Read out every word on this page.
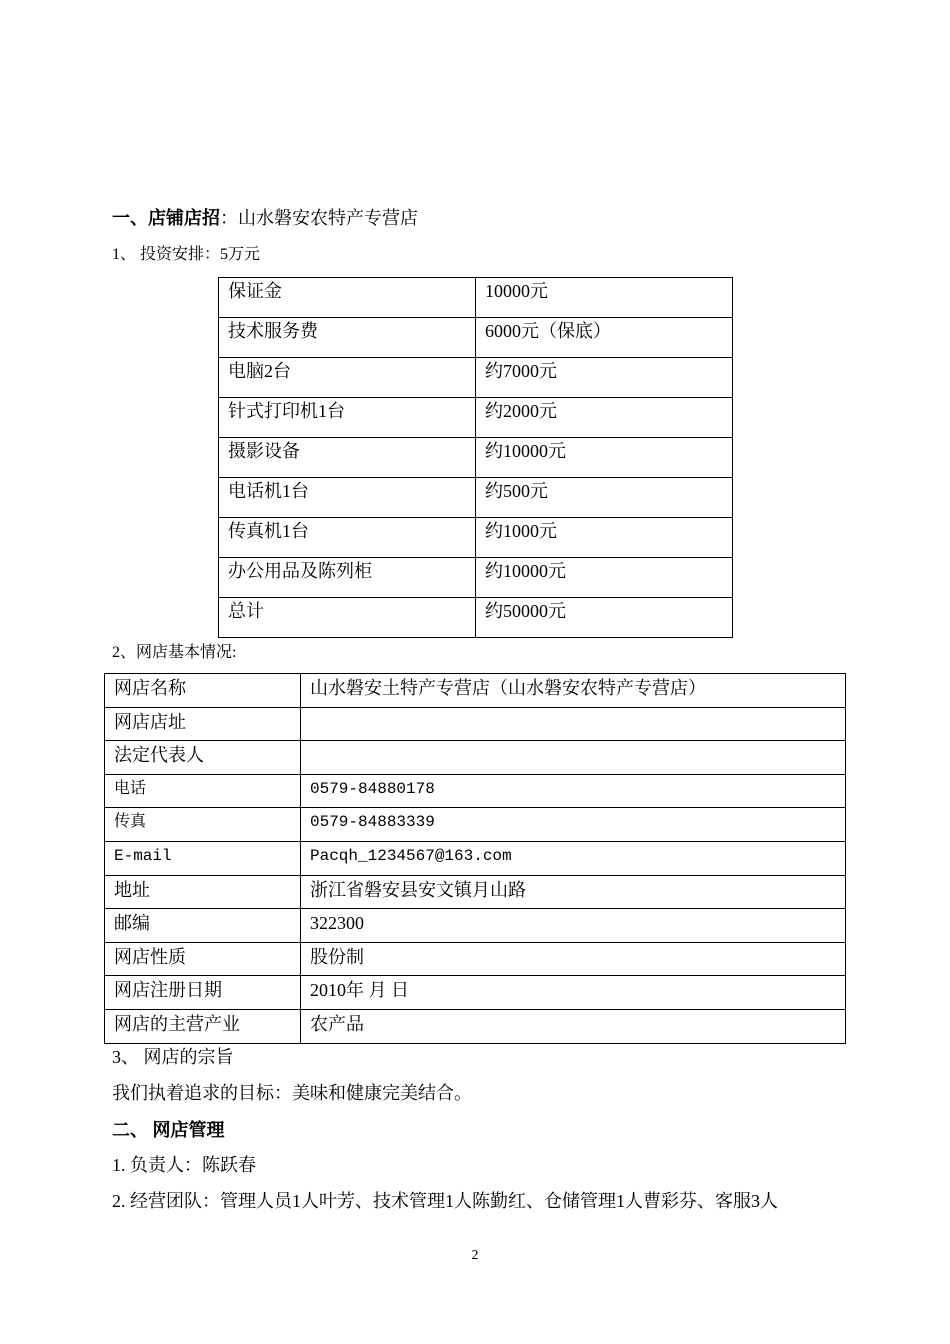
一、店铺店招：山水磐安农特产专营店
1、 投资安排：5万元
保证金	10000元
技术服务费	6000元（保底）
电脑2台	约7000元
针式打印机1台	约2000元
摄影设备	约10000元
电话机1台	约500元
传真机1台	约1000元
办公用品及陈列柜	约10000元
总计	约50000元
2、网店基本情况:
网店名称	山水磐安土特产专营店（山水磐安农特产专营店）
网店店址	
法定代表人	
电话	0579-84880178
传真	0579-84883339
E-mail	Pacqh_1234567@163.com
地址	浙江省磐安县安文镇月山路
邮编	322300
网店性质	股份制
网店注册日期	2010年 月 日
网店的主营产业	农产品
3、 网店的宗旨
我们执着追求的目标：美味和健康完美结合。
二、 网店管理
1. 负责人：陈跃春
2. 经营团队：管理人员1人叶芳、技术管理1人陈勤红、仓储管理1人曹彩芬、客服3人
2
